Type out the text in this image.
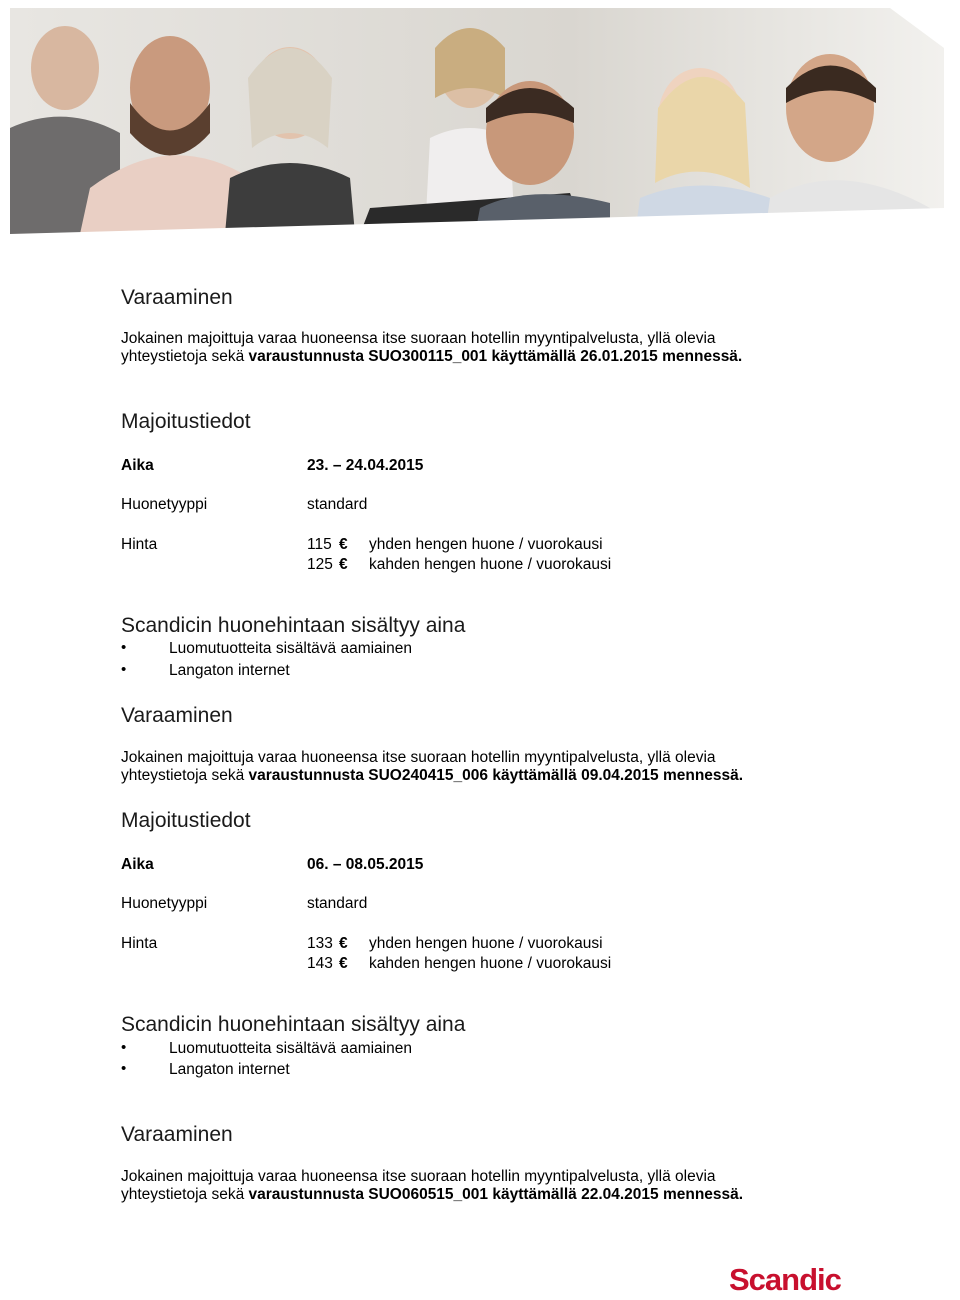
Varaaminen
Jokainen majoittuja varaa huoneensa itse suoraan hotellin myyntipalvelusta, yllä olevia
yhteystietoja sekä varaustunnusta SUO300115_001 käyttämällä 26.01.2015 mennessä.
Majoitustiedot
Aika	23. – 24.04.2015
Huonetyyppi	standard
Hinta	115 € yhden hengen huone / vuorokausi
125 € kahden hengen huone / vuorokausi
Scandicin huonehintaan sisältyy aina
•	Luomutuotteita sisältävä aamiainen
•	Langaton internet
Varaaminen
Jokainen majoittuja varaa huoneensa itse suoraan hotellin myyntipalvelusta, yllä olevia
yhteystietoja sekä varaustunnusta SUO240415_006 käyttämällä 09.04.2015 mennessä.
Majoitustiedot
Aika	06. – 08.05.2015
Huonetyyppi	standard
Hinta	133 € yhden hengen huone / vuorokausi
143 € kahden hengen huone / vuorokausi
Scandicin huonehintaan sisältyy aina
•	Luomutuotteita sisältävä aamiainen
•	Langaton internet
Varaaminen
Jokainen majoittuja varaa huoneensa itse suoraan hotellin myyntipalvelusta, yllä olevia
yhteystietoja sekä varaustunnusta SUO060515_001 käyttämällä 22.04.2015 mennessä.
Scandic
